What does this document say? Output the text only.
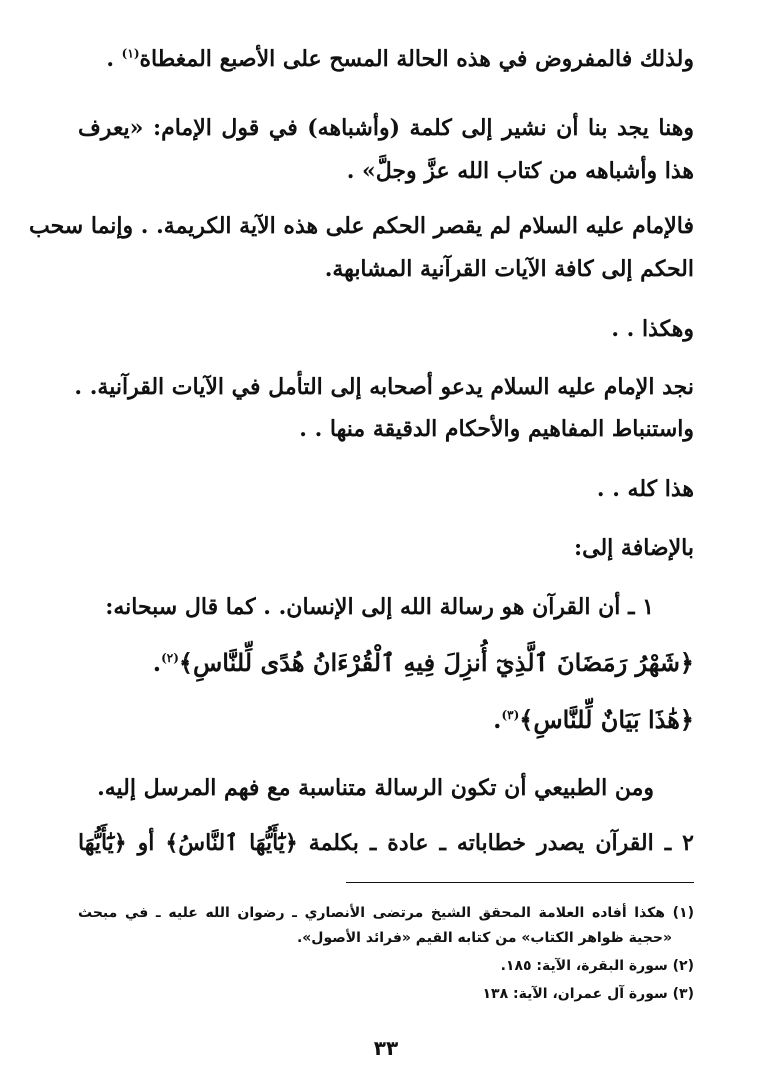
ولذلك فالمفروض في هذه الحالة المسح على الأصبع المغطاة$^{(١)}$ .
وهنا يجد بنا أن نشير إلى كلمة (وأشباهه) في قول الإمام: «يعرف
هذا وأشباهه من كتاب الله عزَّ وجلَّ» .
فالإمام عليه السلام لم يقصر الحكم على هذه الآية الكريمة. . وإنما سحب
الحكم إلى كافة الآيات القرآنية المشابهة.
وهكذا . .
نجد الإمام عليه السلام يدعو أصحابه إلى التأمل في الآيات القرآنية. .
واستنباط المفاهيم والأحكام الدقيقة منها . .
هذا كله . .
بالإضافة إلى:
١ ـ أن القرآن هو رسالة الله إلى الإنسان. . كما قال سبحانه:
﴿شَهْرُ رَمَضَانَ ٱلَّذِيٓ أُنزِلَ فِيهِ ٱلْقُرْءَانُ هُدًى لِّلنَّاسِ﴾$^{(٢)}$.
﴿هَٰذَا بَيَانٌ لِّلنَّاسِ﴾$^{(٣)}$.
ومن الطبيعي أن تكون الرسالة متناسبة مع فهم المرسل إليه.
٢ ـ القرآن يصدر خطاباته ـ عادة ـ بكلمة ﴿يَٰٓأَيُّهَا ٱلنَّاسُ﴾ أو ﴿يَٰٓأَيُّهَا
(١) هكذا أفاده العلامة المحقق الشيخ مرتضى الأنصاري ـ رضوان الله عليه ـ في مبحث
«حجية ظواهر الكتاب» من كتابه القيم «فرائد الأصول».
(٢) سورة البقرة، الآية: ١٨٥.
(٣) سورة آل عمران، الآية: ١٣٨
٣٣
